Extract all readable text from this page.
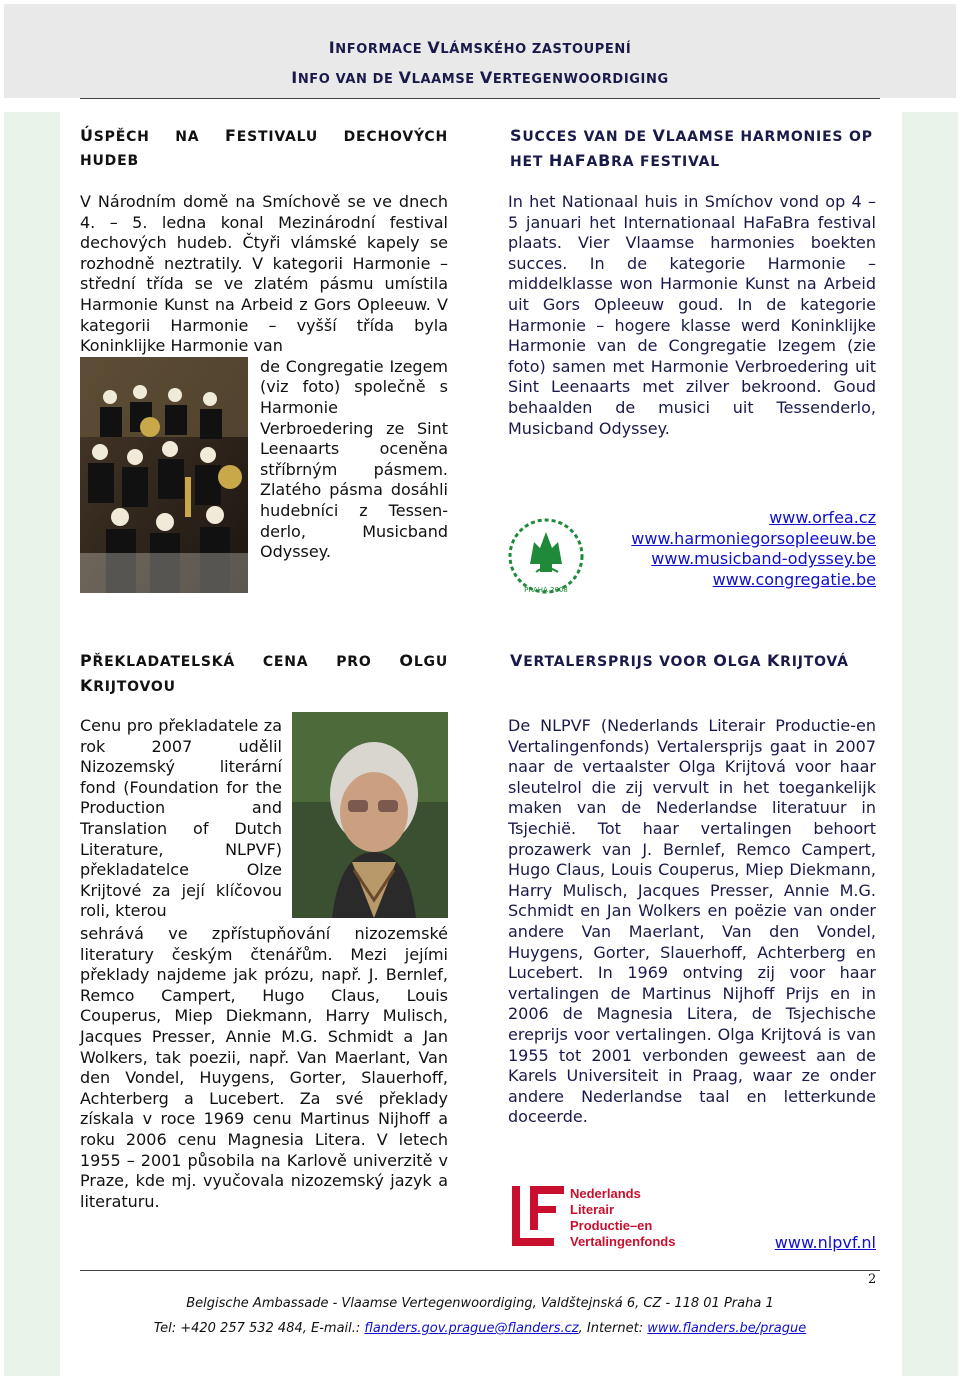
INFORMACE VLÁMSKÉHO ZASTOUPENÍ
INFO VAN DE VLAAMSE VERTEGENWOORDIGING
ÚSPĚCH NA FESTIVALU DECHOVÝCH HUDEB

V Národním domě na Smíchově se ve dnech 4. – 5. ledna konal Mezinárodní festival dechových hudeb. Čtyři vlámské kapely se rozhodně neztratily. V kategorii Harmonie – střední třída se ve zlatém pásmu umístila Harmonie Kunst na Arbeid z Gors Opleeuw. V kategorii Harmonie – vyšší třída byla Koninklijke Harmonie van

de Congregatie Izegem (viz foto) společně s Harmonie Verbroedering ze Sint Leenaarts oceněna stříbrným pásmem. Zlatého pásma dosáhli hudebníci z Tessen-derlo, Musicband Odyssey.

SUCCES VAN DE VLAAMSE HARMONIES OP HET HAFABRA FESTIVAL

In het Nationaal huis in Smíchov vond op 4 – 5 januari het Internationaal HaFaBra festival plaats. Vier Vlaamse harmonies boekten succes. In de kategorie Harmonie – middelklasse won Harmonie Kunst na Arbeid uit Gors Opleeuw goud. In de kategorie Harmonie – hogere klasse werd Koninklijke Harmonie van de Congregatie Izegem (zie foto) samen met Harmonie Verbroedering uit Sint Leenaarts met zilver bekroond. Goud behaalden de musici uit Tessenderlo, Musicband Odyssey.

PRAHA 2008
www.orfea.cz
www.harmoniegorsopleeuw.be
www.musicband-odyssey.be
www.congregatie.be
PŘEKLADATELSKÁ CENA PRO OLGU KRIJTOVOU

Cenu pro překladatele za rok 2007 udělil Nizozemský literární fond (Foundation for the Production and Translation of Dutch Literature, NLPVF) překladatelce Olze Krijtové za její klíčovou roli, kterou

sehrává ve zpřístupňování nizozemské literatury českým čtenářům. Mezi jejími překlady najdeme jak prózu, např. J. Bernlef, Remco Campert, Hugo Claus, Louis Couperus, Miep Diekmann, Harry Mulisch, Jacques Presser, Annie M.G. Schmidt a Jan Wolkers, tak poezii, např. Van Maerlant, Van den Vondel, Huygens, Gorter, Slauerhoff, Achterberg a Lucebert. Za své překlady získala v roce 1969 cenu Martinus Nijhoff a roku 2006 cenu Magnesia Litera. V letech 1955 – 2001 působila na Karlově univerzitě v Praze, kde mj. vyučovala nizozemský jazyk a literaturu.

VERTALERSPRIJS VOOR OLGA KRIJTOVÁ

De NLPVF (Nederlands Literair Productie-en Vertalingenfonds) Vertalersprijs gaat in 2007 naar de vertaalster Olga Krijtová voor haar sleutelrol die zij vervult in het toegankelijk maken van de Nederlandse literatuur in Tsjechië. Tot haar vertalingen behoort prozawerk van J. Bernlef, Remco Campert, Hugo Claus, Louis Couperus, Miep Diekmann, Harry Mulisch, Jacques Presser, Annie M.G. Schmidt en Jan Wolkers en poëzie van onder andere Van Maerlant, Van den Vondel, Huygens, Gorter, Slauerhoff, Achterberg en Lucebert. In 1969 ontving zij voor haar vertalingen de Martinus Nijhoff Prijs en in 2006 de Magnesia Litera, de Tsjechische ereprijs voor vertalingen. Olga Krijtová is van 1955 tot 2001 verbonden geweest aan de Karels Universiteit in Praag, waar ze onder andere Nederlandse taal en letterkunde doceerde.

Nederlands
Literair
Productie–en
Vertalingenfonds	www.nlpvf.nl
2
Belgische Ambassade - Vlaamse Vertegenwoordiging, Valdštejnská 6, CZ - 118 01 Praha 1
Tel: +420 257 532 484, E-mail.: flanders.gov.prague@flanders.cz, Internet: www.flanders.be/prague
